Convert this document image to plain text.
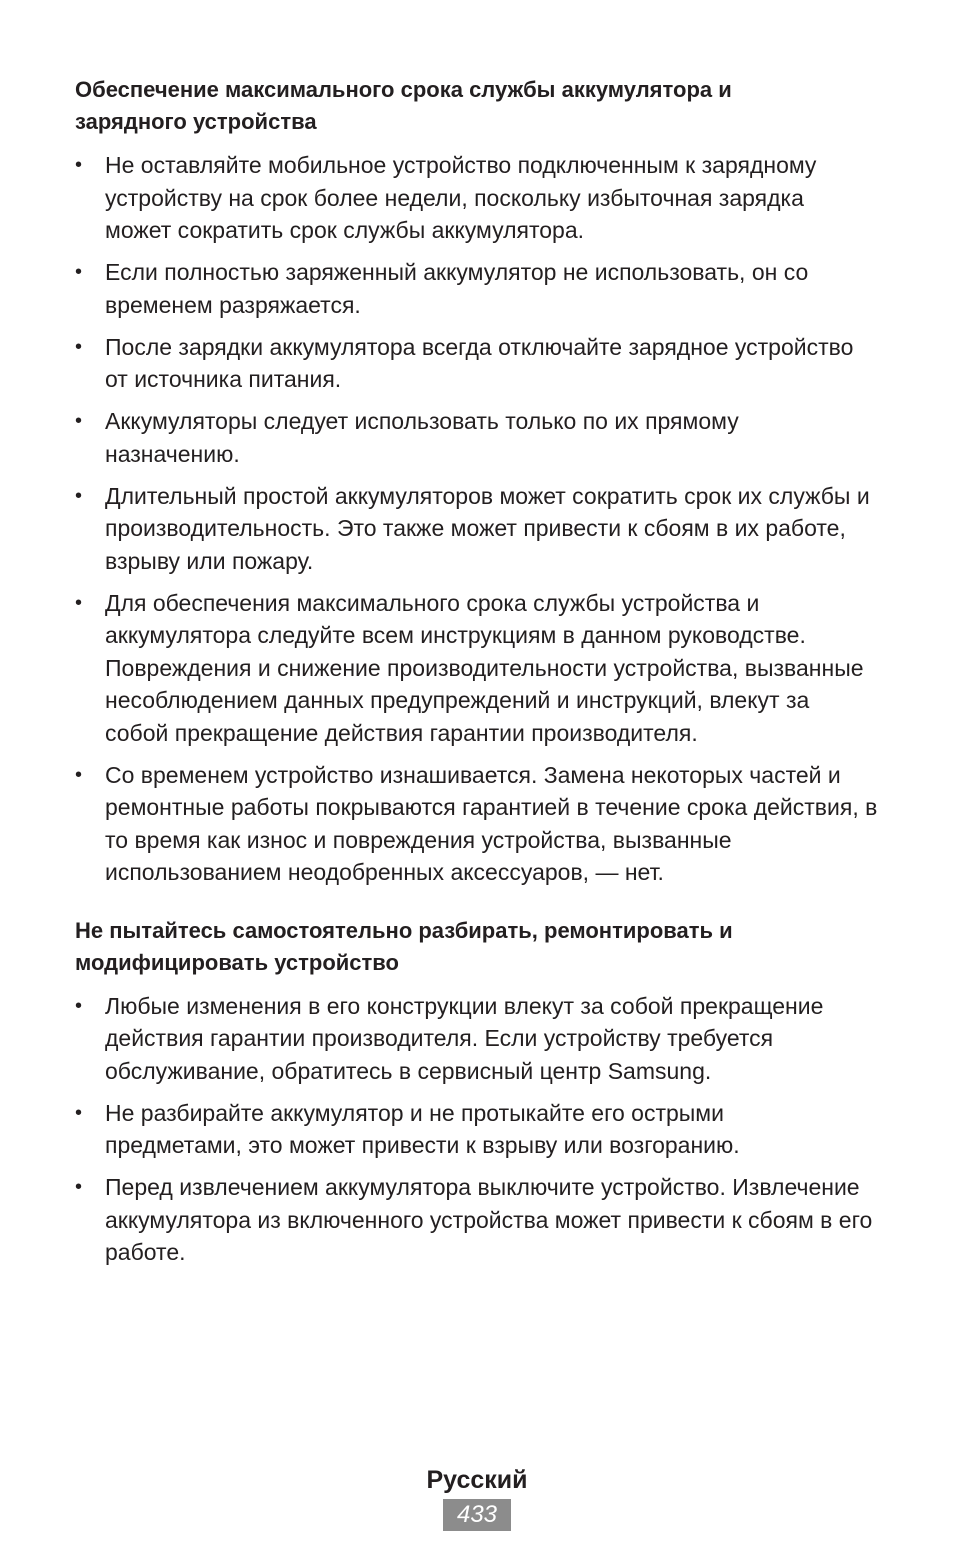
Обеспечение максимального срока службы аккумулятора и зарядного устройства
• Не оставляйте мобильное устройство подключенным к зарядному устройству на срок более недели, поскольку избыточная зарядка может сократить срок службы аккумулятора.
• Если полностью заряженный аккумулятор не использовать, он со временем разряжается.
• После зарядки аккумулятора всегда отключайте зарядное устройство от источника питания.
• Аккумуляторы следует использовать только по их прямому назначению.
• Длительный простой аккумуляторов может сократить срок их службы и производительность. Это также может привести к сбоям в их работе, взрыву или пожару.
• Для обеспечения максимального срока службы устройства и аккумулятора следуйте всем инструкциям в данном руководстве. Повреждения и снижение производительности устройства, вызванные несоблюдением данных предупреждений и инструкций, влекут за собой прекращение действия гарантии производителя.
• Со временем устройство изнашивается. Замена некоторых частей и ремонтные работы покрываются гарантией в течение срока действия, в то время как износ и повреждения устройства, вызванные использованием неодобренных аксессуаров, — нет.
Не пытайтесь самостоятельно разбирать, ремонтировать и модифицировать устройство
• Любые изменения в его конструкции влекут за собой прекращение действия гарантии производителя. Если устройству требуется обслуживание, обратитесь в сервисный центр Samsung.
• Не разбирайте аккумулятор и не протыкайте его острыми предметами, это может привести к взрыву или возгоранию.
• Перед извлечением аккумулятора выключите устройство. Извлечение аккумулятора из включенного устройства может привести к сбоям в его работе.
Русский
433
